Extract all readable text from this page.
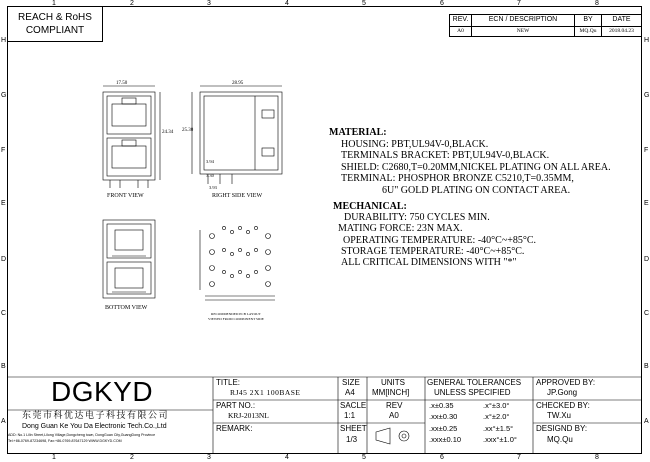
1	2	3	4	5	6	7	8
1	2	3	4	5	6	7	8
H
G
F
E
D
C
B
A
H
G
F
E
D
C
B
A
REACH & RoHS
COMPLIANT
REV.	ECN / DESCRIPTION	BY	DATE
A0	NEW	MQ.Qu	2018.04.23
FRONT VIEW	RIGHT SIDE VIEW
BOTTOM VIEW
RECOMMENDED PCB LAYOUT
VIEWED FROM COMPONENT SIDE
17.50
24.34
28.95
25.30
3.94
3.30
3.93
MATERIAL:
HOUSING: PBT,UL94V-0,BLACK.
TERMINALS BRACKET: PBT,UL94V-0,BLACK.
SHIELD: C2680,T=0.20MM,NICKEL PLATING ON ALL AREA.
TERMINAL: PHOSPHOR BRONZE C5210,T=0.35MM,
6U" GOLD PLATING ON CONTACT AREA.
MECHANICAL:
DURABILITY: 750 CYCLES MIN.
MATING FORCE: 23N MAX.
OPERATING TEMPERATURE: -40°C~+85°C.
STORAGE TEMPERATURE: -40°C~+85°C.
ALL CRITICAL DIMENSIONS WITH "*"
DGKYD
东莞市科优达电子科技有限公司
Dong Guan Ke You Da Electronic Tech.Co.,Ltd
ADD: No.1 Lilin Street,Lilong Village,Dongcheng town, DongGuan City,GuangDong Province
Tel:+86-0769-87234698, Fax:+86-0769-87647129 WWW.DGKYD.COM
TITLE:
RJ45 2X1 100BASE
PART NO.:
KRJ-2013NL
REMARK:
SIZE
A4
UNITS
MM[INCH]
SACLE
1:1
REV
A0
SHEET
1/3
GENERAL TOLERANCES
UNLESS SPECIFIED
.x±0.35	.x°±3.0°
.xx±0.30	.x°±2.0°
.xx±0.25	.xx°±1.5°
.xxx±0.10	.xxx°±1.0°
APPROVED BY:
JP.Gong
CHECKED BY:
TW.Xu
DESIGND BY:
MQ.Qu
